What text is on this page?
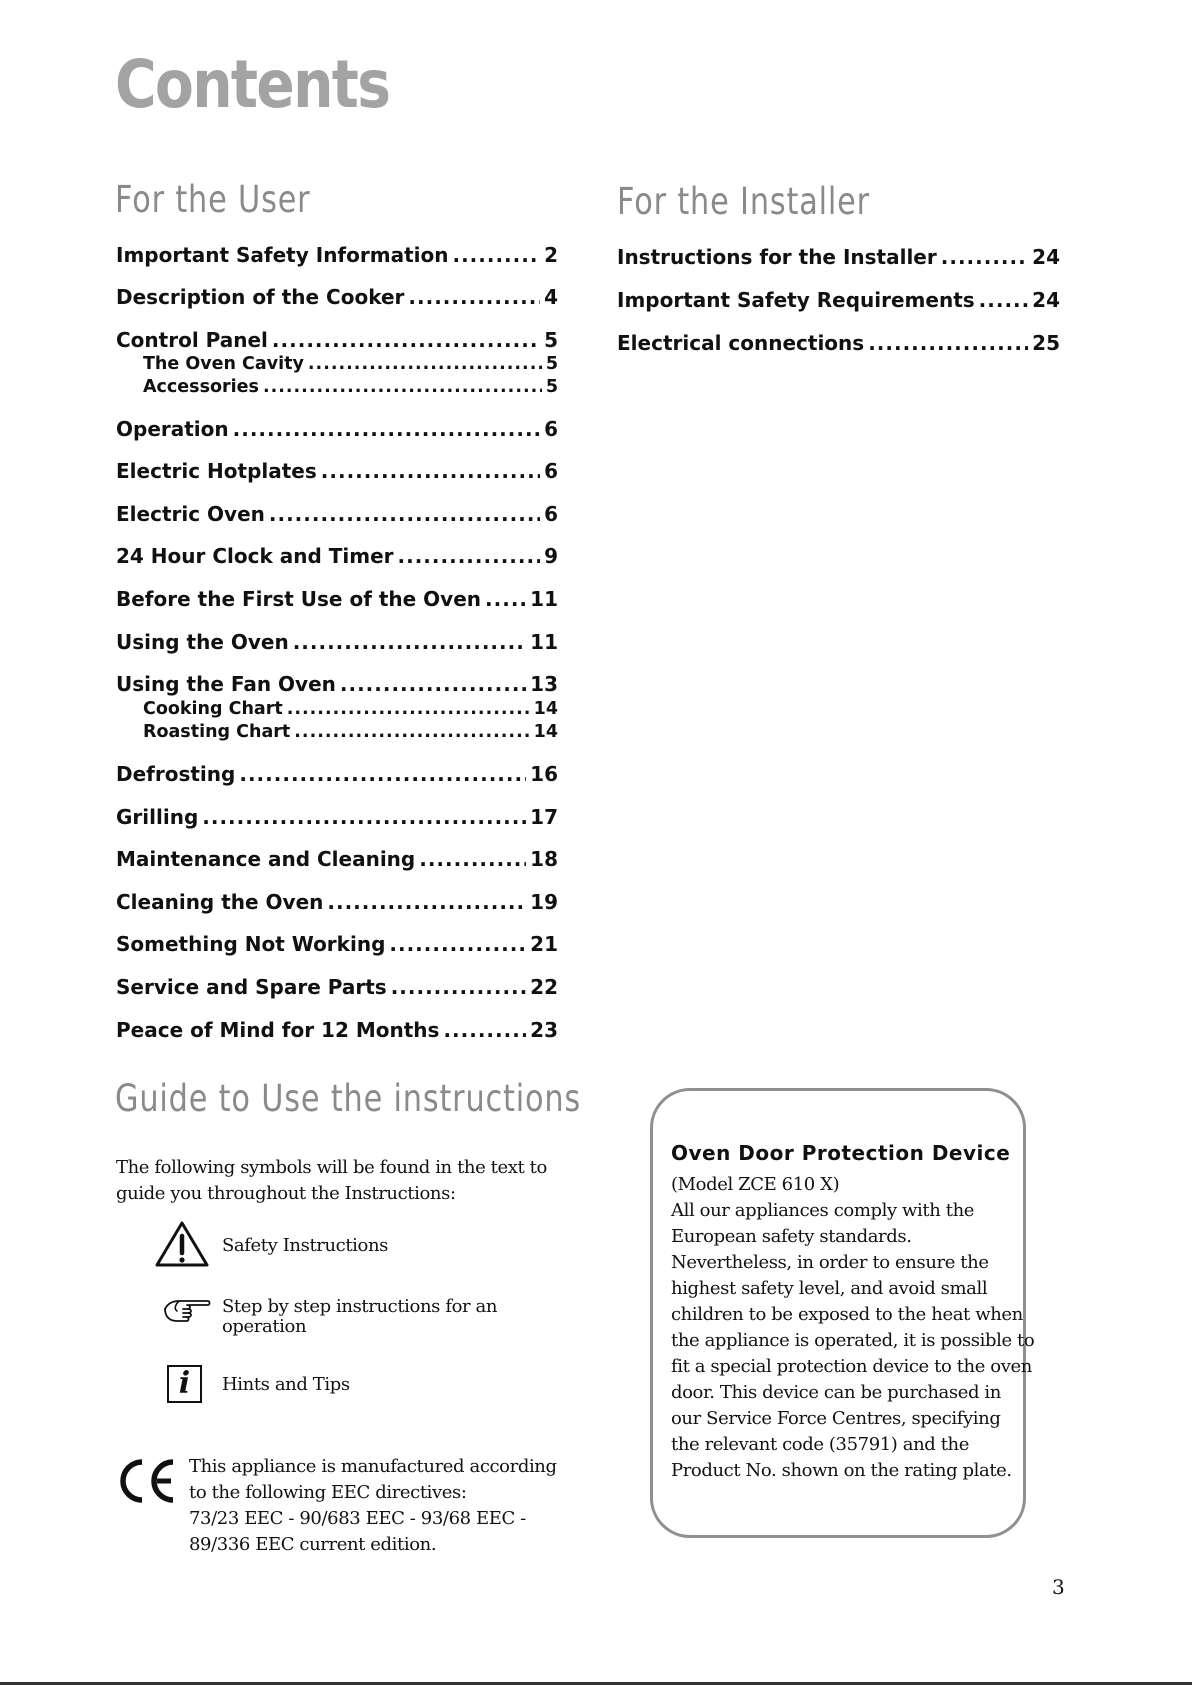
Contents
For the User
Important Safety Information .....	2
Description of the Cooker .....	4
Control Panel .....	5
The Oven Cavity .....	5
Accessories .....	5
Operation .....	6
Electric Hotplates .....	6
Electric Oven .....	6
24 Hour Clock and Timer .....	9
Before the First Use of the Oven ..... 11
Using the Oven .....	11
Using the Fan Oven .....	13
Cooking Chart .....	14
Roasting Chart .....	14
Defrosting .....	16
Grilling .....	17
Maintenance and Cleaning .....	18
Cleaning the Oven .....	19
Something Not Working .....	21
Service and Spare Parts .....	22
Peace of Mind for 12 Months .....	23
For the Installer
Instructions for the Installer .....	24
Important Safety Requirements .....	24
Electrical connections .....	25
Guide to Use the instructions
The following symbols will be found in the text to
guide you throughout the Instructions:
Safety Instructions
Step by step instructions for an
operation
i Hints and Tips
This appliance is manufactured according
to the following EEC directives:
73/23 EEC - 90/683 EEC - 93/68 EEC -
89/336 EEC current edition.
Oven Door Protection Device
(Model ZCE 610 X)
All our appliances comply with the
European safety standards.
Nevertheless, in order to ensure the
highest safety level, and avoid small
children to be exposed to the heat when
the appliance is operated, it is possible to
fit a special protection device to the oven
door. This device can be purchased in
our Service Force Centres, specifying
the relevant code (35791) and the
Product No. shown on the rating plate.
3
